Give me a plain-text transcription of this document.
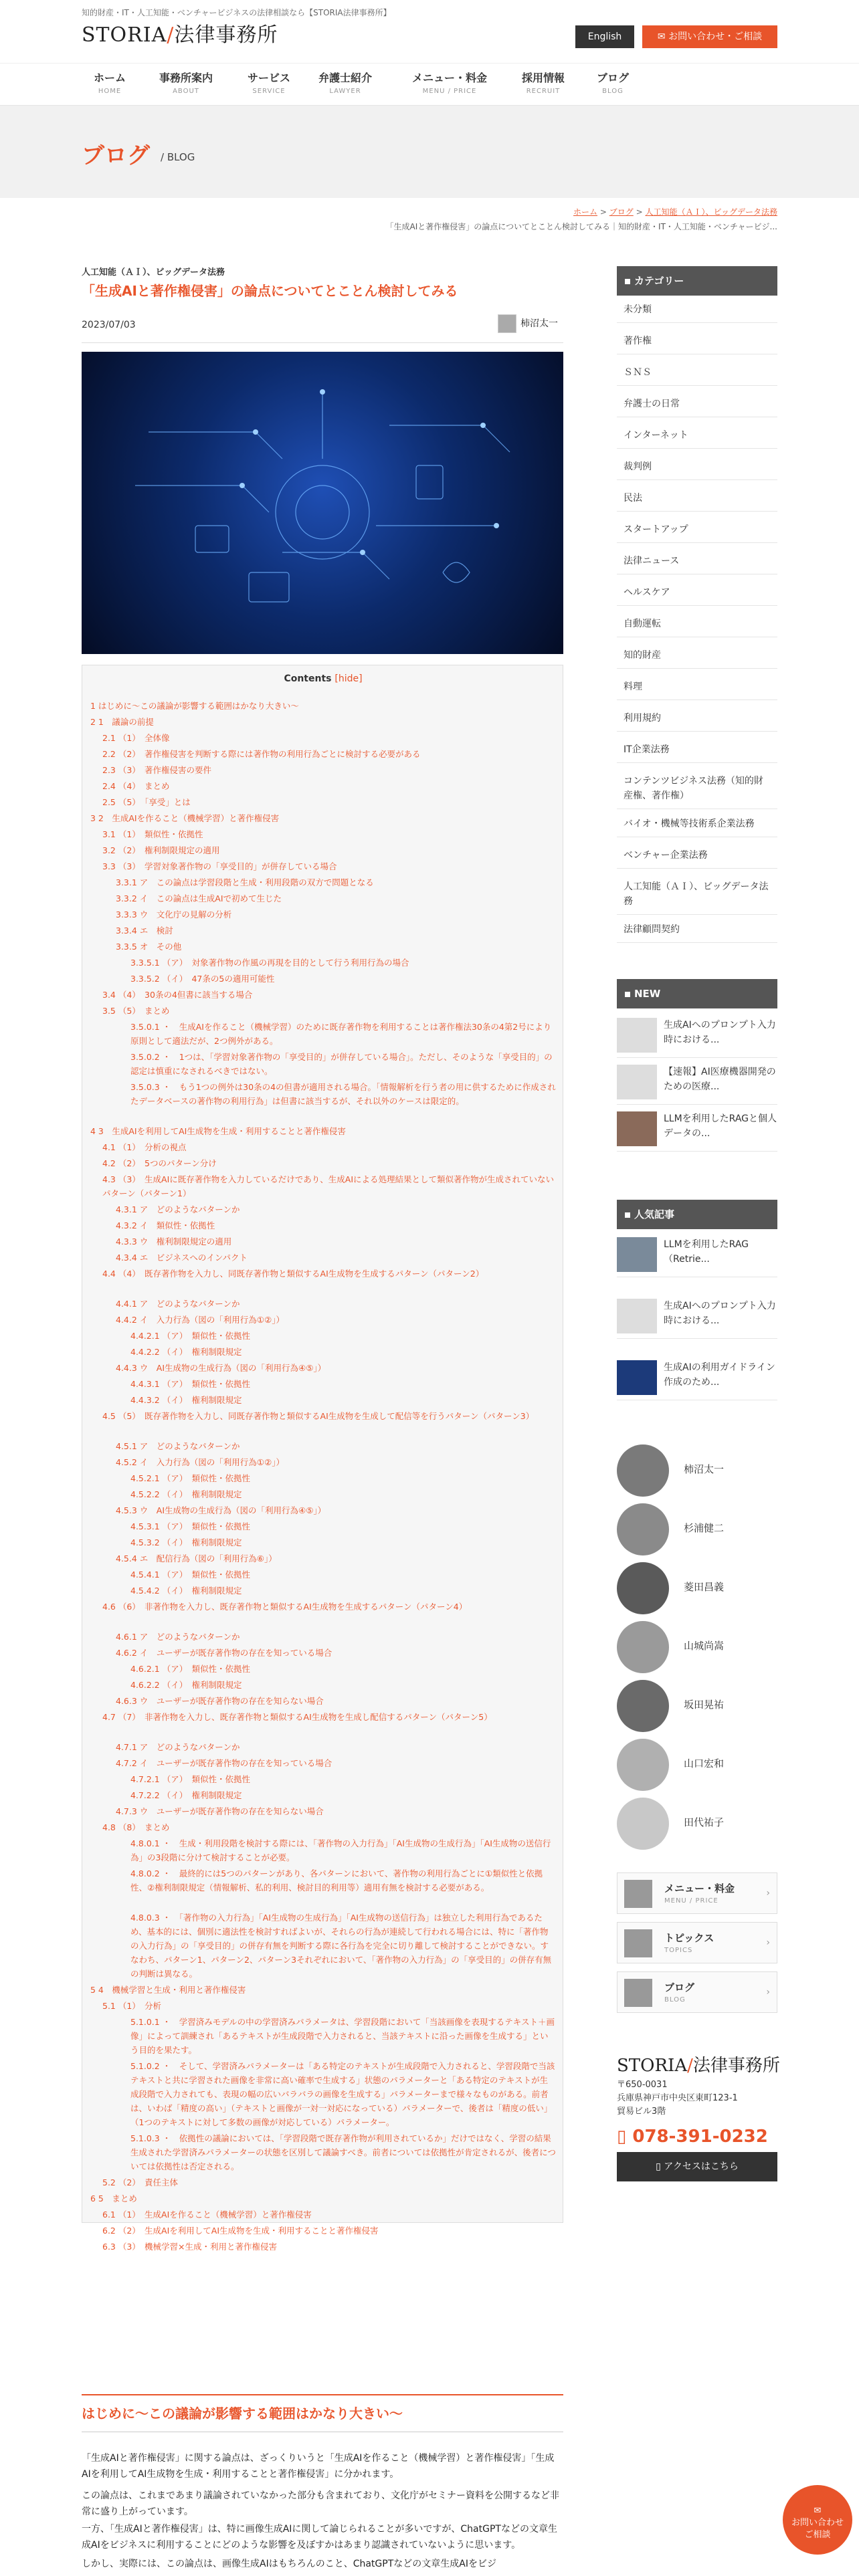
知的財産・IT・人工知能・ベンチャービジネスの法律相談なら【STORIA法律事務所】
STORIA/法律事務所	English	✉ お問い合わせ・ご相談
ホーム
HOME
事務所案内
ABOUT
サービス
SERVICE
弁護士紹介
LAWYER
メニュー・料金
MENU / PRICE
採用情報
RECRUIT
ブログ
BLOG
ブログ / BLOG
ホーム > ブログ > 人工知能（ＡＩ）、ビッグデータ法務
「生成AIと著作権侵害」の論点についてとことん検討してみる｜知的財産・IT・人工知能・ベンチャービジ...
人工知能（ＡＩ）、ビッグデータ法務
「生成AIと著作権侵害」の論点についてとことん検討してみる
2023/07/03	柿沼太一
Contents [hide]
1 はじめに〜この議論が影響する範囲はかなり大きい〜
2 1　議論の前提
2.1 （1）　全体像
2.2 （2）　著作権侵害を判断する際には著作物の利用行為ごとに検討する必要がある
2.3 （3）　著作権侵害の要件
2.4 （4）　まとめ
2.5 （5）　「享受」とは
3 2　生成AIを作ること（機械学習）と著作権侵害
3.1 （1）　類似性・依拠性
3.2 （2）　権利制限規定の適用
3.3 （3）　学習対象著作物の「享受目的」が併存している場合
3.3.1 ア　この論点は学習段階と生成・利用段階の双方で問題となる
3.3.2 イ　この論点は生成AIで初めて生じた
3.3.3 ウ　文化庁の見解の分析
3.3.4 エ　検討
3.3.5 オ　その他
3.3.5.1 （ア）　対象著作物の作風の再現を目的として行う利用行為の場合
3.3.5.2 （イ）　47条の5の適用可能性
3.4 （4）　30条の4但書に該当する場合
3.5 （5）　まとめ
3.5.0.1 ・　生成AIを作ること（機械学習）のために既存著作物を利用することは著作権法30条の4第2号により原則として適法だが、2つ例外がある。
3.5.0.2 ・　1つは、「学習対象著作物の「享受目的」が併存している場合」。ただし、そのような「享受目的」の認定は慎重になされるべきではない。
3.5.0.3 ・　もう1つの例外は30条の4の但書が適用される場合。「情報解析を行う者の用に供するために作成されたデータベースの著作物の利用行為」は但書に該当するが、それ以外のケースは限定的。
4 3　生成AIを利用してAI生成物を生成・利用することと著作権侵害
4.1 （1）　分析の視点
4.2 （2）　5つのパターン分け
4.3 （3）　生成AIに既存著作物を入力しているだけであり、生成AIによる処理結果として類似著作物が生成されていないパターン（パターン1）
4.3.1 ア　どのようなパターンか
4.3.2 イ　類似性・依拠性
4.3.3 ウ　権利制限規定の適用
4.3.4 エ　ビジネスへのインパクト
4.4 （4）　既存著作物を入力し、同既存著作物と類似するAI生成物を生成するパターン（パターン2）
4.4.1 ア　どのようなパターンか
4.4.2 イ　入力行為（図の「利用行為①②」）
4.4.2.1 （ア）　類似性・依拠性
4.4.2.2 （イ）　権利制限規定
4.4.3 ウ　AI生成物の生成行為（図の「利用行為④⑤」）
4.4.3.1 （ア）　類似性・依拠性
4.4.3.2 （イ）　権利制限規定
4.5 （5）　既存著作物を入力し、同既存著作物と類似するAI生成物を生成して配信等を行うパターン（パターン3）
4.5.1 ア　どのようなパターンか
4.5.2 イ　入力行為（図の「利用行為①②」）
4.5.2.1 （ア）　類似性・依拠性
4.5.2.2 （イ）　権利制限規定
4.5.3 ウ　AI生成物の生成行為（図の「利用行為④⑤」）
4.5.3.1 （ア）　類似性・依拠性
4.5.3.2 （イ）　権利制限規定
4.5.4 エ　配信行為（図の「利用行為⑥」）
4.5.4.1 （ア）　類似性・依拠性
4.5.4.2 （イ）　権利制限規定
4.6 （6）　非著作物を入力し、既存著作物と類似するAI生成物を生成するパターン（パターン4）
4.6.1 ア　どのようなパターンか
4.6.2 イ　ユーザーが既存著作物の存在を知っている場合
4.6.2.1 （ア）　類似性・依拠性
4.6.2.2 （イ）　権利制限規定
4.6.3 ウ　ユーザーが既存著作物の存在を知らない場合
4.7 （7）　非著作物を入力し、既存著作物と類似するAI生成物を生成し配信するパターン（パターン5）
4.7.1 ア　どのようなパターンか
4.7.2 イ　ユーザーが既存著作物の存在を知っている場合
4.7.2.1 （ア）　類似性・依拠性
4.7.2.2 （イ）　権利制限規定
4.7.3 ウ　ユーザーが既存著作物の存在を知らない場合
4.8 （8）　まとめ
4.8.0.1 ・　生成・利用段階を検討する際には、「著作物の入力行為」「AI生成物の生成行為」「AI生成物の送信行為」の3段階に分けて検討することが必要。
4.8.0.2 ・　最終的には5つのパターンがあり、各パターンにおいて、著作物の利用行為ごとに①類似性と依拠性、②権利制限規定（情報解析、私的利用、検討目的利用等）適用有無を検討する必要がある。
4.8.0.3 ・　「著作物の入力行為」「AI生成物の生成行為」「AI生成物の送信行為」は独立した利用行為であるため、基本的には、個別に適法性を検討すればよいが、それらの行為が連続して行われる場合には、特に「著作物の入力行為」の「享受目的」の併存有無を判断する際に各行為を完全に切り離して検討することができない。すなわち、パターン1、パターン2、パターン3それぞれにおいて、「著作物の入力行為」の「享受目的」の併存有無の判断は異なる。
5 4　機械学習と生成・利用と著作権侵害
5.1 （1）　分析
5.1.0.1 ・　学習済みモデルの中の学習済みパラメータは、学習段階において「当該画像を表現するテキスト＋画像」によって訓練され「あるテキストが生成段階で入力されると、当該テキストに沿った画像を生成する」という目的を果たす。
5.1.0.2 ・　そして、学習済みパラメーターは「ある特定のテキストが生成段階で入力されると、学習段階で当該テキストと共に学習された画像を非常に高い確率で生成する」状態のパラメーターと「ある特定のテキストが生成段階で入力されても、表現の幅の広いバラバラの画像を生成する」パラメーターまで様々なものがある。前者は、いわば「精度の高い」（テキストと画像が一対一対応になっている）パラメーターで、後者は「精度の低い」（1つのテキストに対して多数の画像が対応している）パラメーター。
5.1.0.3 ・　依拠性の議論においては、「学習段階で既存著作物が利用されているか」だけではなく、学習の結果生成された学習済みパラメーターの状態を区別して議論すべき。前者については依拠性が肯定されるが、後者については依拠性は否定される。
5.2 （2）　責任主体
6 5　まとめ
6.1 （1）　生成AIを作ること（機械学習）と著作権侵害
6.2 （2）　生成AIを利用してAI生成物を生成・利用することと著作権侵害
6.3 （3）　機械学習×生成・利用と著作権侵害
はじめに〜この議論が影響する範囲はかなり大きい〜

「生成AIと著作権侵害」に関する論点は、ざっくりいうと「生成AIを作ること（機械学習）と著作権侵害」「生成AIを利用してAI生成物を生成・利用することと著作権侵害」に分かれます。

この論点は、これまであまり議論されていなかった部分も含まれており、文化庁がセミナー資料を公開するなど非常に盛り上がっています。

一方、「生成AIと著作権侵害」は、特に画像生成AIに関して論じられることが多いですが、ChatGPTなどの文章生成AIをビジネスに利用することにどのような影響を及ぼすかはあまり認識されていないように思います。

しかし、実際には、この論点は、画像生成AIはもちろんのこと、ChatGPTなどの文章生成AIをビジ

カテゴリー
未分類
著作権
ＳＮＳ
弁護士の日常
インターネット
裁判例
民法
スタートアップ
法律ニュース
ヘルスケア
自動運転
知的財産
料理
利用規約
IT企業法務
コンテンツビジネス法務（知的財産権、著作権）
バイオ・機械等技術系企業法務
ベンチャー企業法務
人工知能（ＡＩ）、ビッグデータ法務
法律顧問契約
NEW
生成AIへのプロンプト入力時における...
【速報】AI医療機器開発のための医療...
LLMを利用したRAGと個人データの...
人気記事
LLMを利用したRAG（Retrie...
生成AIへのプロンプト入力時における...
生成AIの利用ガイドライン作成のため...
柿沼太一
杉浦健二
菱田昌義
山城尚嵩
坂田晃祐
山口宏和
田代祐子
メニュー・料金
MENU / PRICE
›
トピックス
TOPICS
›
ブログ
BLOG
›
STORIA/法律事務所
〒650-0031
兵庫県神戸市中央区東町123-1
貿易ビル3階
▯ 078-391-0232
▯ アクセスはこちら
✉
お問い合わせ
ご相談
